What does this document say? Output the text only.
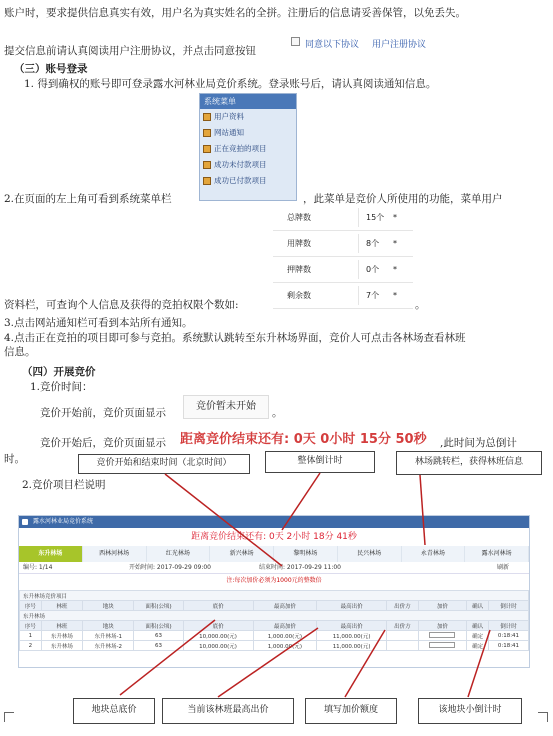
账户时，要求提供信息真实有效，用户名为真实姓名的全拼。注册后的信息请妥善保管，以免丢失。
提交信息前请认真阅读用户注册协议，并点击同意按钮	同意以下协议 用户注册协议
（三）账号登录
1. 得到确权的账号即可登录露水河林业局竞价系统。登录账号后，请认真阅读通知信息。
系统菜单
用户资料
网站通知
正在竞拍的项目
成功未付款项目
成功已付款项目
2.在页面的左上角可看到系统菜单栏	，此菜单是竞价人所使用的功能，菜单用户
总牌数	15个 *
用牌数	8个 *
押牌数	0个 *
剩余数	7个 *
资料栏，可查询个人信息及获得的竞拍权限个数如:	。
3.点击网站通知栏可看到本站所有通知。
4.点击正在竞拍的项目即可参与竞拍。系统默认跳转至东升林场界面，竞价人可点击各林场查看林班
信息。
（四）开展竞价
1.竞价时间：
竞价开始前，竞价页面显示
竞价暂未开始
。
竞价开始后，竞价页面显示 距离竞价结束还有: 0天 0小时 15分 50秒 ,此时间为总倒计
时。
2.竞价项目栏说明
竞价开始和结束时间（北京时间）	整体倒计时	林场跳转栏，获得林班信息
露水河林业局竞价系统
距离竞价结束还有: 0天 2小时 18分 41秒
东升林场	西林河林场	红光林场	新兴林场	黎明林场	民兴林场	永青林场	露水河林场
编号: 1/14	开始时间: 2017-09-29 09:00	结束时间: 2017-09-29 11:00	刷新
注:每次加价必须为1000元的整数倍
东升林场竞价项目										
序号	林班	地块	面积(公顷)	底价	最高加价	最高出价	出价方	加价	确认	倒计时
东升林场										
序号	林班	地块	面积(公顷)	底价	最高加价	最高出价	出价方	加价	确认	倒计时
1	东升林场	东升林场-1	63	10,000.00(元)	1,000.00(元)	11,000.00(元)			确定	0:18:41
2	东升林场	东升林场-2	63	10,000.00(元)	1,000.00(元)	11,000.00(元)			确定	0:18:41
地块总底价	当前该林班最高出价	填写加价额度	该地块小倒计时
